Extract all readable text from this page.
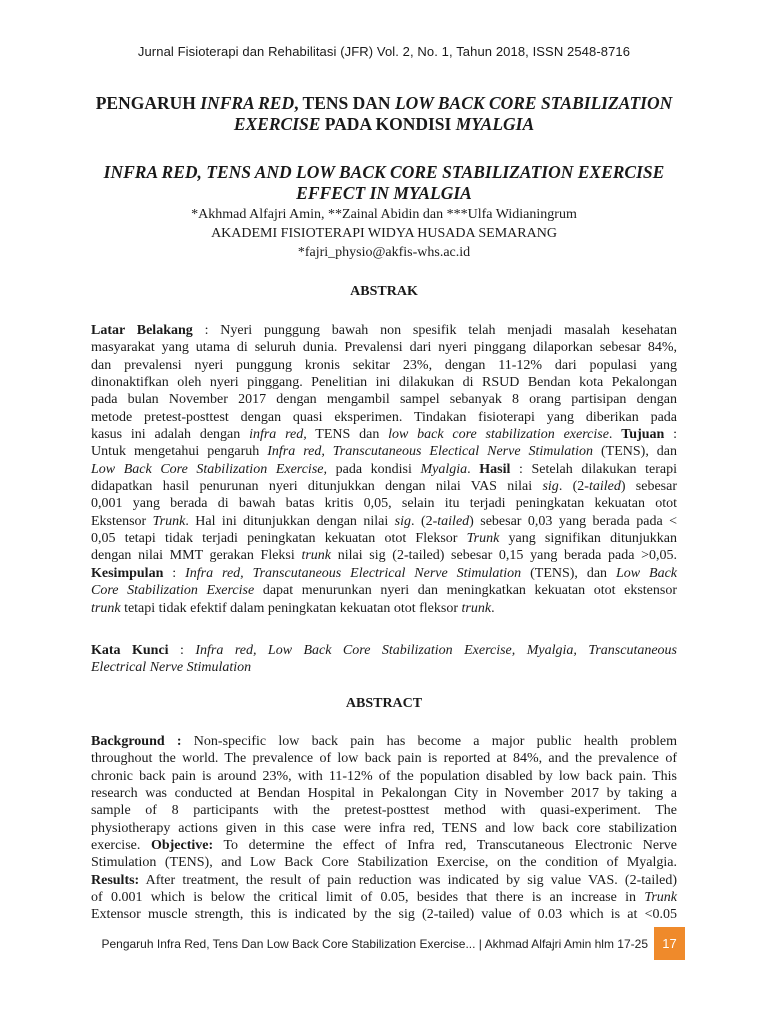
Jurnal Fisioterapi dan Rehabilitasi (JFR) Vol. 2, No. 1, Tahun 2018, ISSN 2548-8716
PENGARUH INFRA RED, TENS DAN LOW BACK CORE STABILIZATION
EXERCISE PADA KONDISI MYALGIA
INFRA RED, TENS AND LOW BACK CORE STABILIZATION EXERCISE
EFFECT IN MYALGIA
*Akhmad Alfajri Amin, **Zainal Abidin dan ***Ulfa Widianingrum
AKADEMI FISIOTERAPI WIDYA HUSADA SEMARANG
*fajri_physio@akfis-whs.ac.id
ABSTRAK
Latar Belakang : Nyeri punggung bawah non spesifik telah menjadi masalah kesehatan
masyarakat yang utama di seluruh dunia. Prevalensi dari nyeri pinggang dilaporkan sebesar 84%,
dan prevalensi nyeri punggung kronis sekitar 23%, dengan 11-12% dari populasi yang
dinonaktifkan oleh nyeri pinggang. Penelitian ini dilakukan di RSUD Bendan kota Pekalongan
pada bulan November 2017 dengan mengambil sampel sebanyak 8 orang partisipan dengan
metode pretest-posttest dengan quasi eksperimen. Tindakan fisioterapi yang diberikan pada
kasus ini adalah dengan infra red, TENS dan low back core stabilization exercise. Tujuan :
Untuk mengetahui pengaruh Infra red, Transcutaneous Electical Nerve Stimulation (TENS), dan
Low Back Core Stabilization Exercise, pada kondisi Myalgia. Hasil : Setelah dilakukan terapi
didapatkan hasil penurunan nyeri ditunjukkan dengan nilai VAS nilai sig. (2-tailed) sebesar
0,001 yang berada di bawah batas kritis 0,05, selain itu terjadi peningkatan kekuatan otot
Ekstensor Trunk. Hal ini ditunjukkan dengan nilai sig. (2-tailed) sebesar 0,03 yang berada pada <
0,05 tetapi tidak terjadi peningkatan kekuatan otot Fleksor Trunk yang signifikan ditunjukkan
dengan nilai MMT gerakan Fleksi trunk nilai sig (2-tailed) sebesar 0,15 yang berada pada >0,05.
Kesimpulan : Infra red, Transcutaneous Electrical Nerve Stimulation (TENS), dan Low Back
Core Stabilization Exercise dapat menurunkan nyeri dan meningkatkan kekuatan otot ekstensor
trunk tetapi tidak efektif dalam peningkatan kekuatan otot fleksor trunk.
Kata Kunci : Infra red, Low Back Core Stabilization Exercise, Myalgia, Transcutaneous
Electrical Nerve Stimulation
ABSTRACT
Background : Non-specific low back pain has become a major public health problem
throughout the world. The prevalence of low back pain is reported at 84%, and the prevalence of
chronic back pain is around 23%, with 11-12% of the population disabled by low back pain. This
research was conducted at Bendan Hospital in Pekalongan City in November 2017 by taking a
sample of 8 participants with the pretest-posttest method with quasi-experiment. The
physiotherapy actions given in this case were infra red, TENS and low back core stabilization
exercise. Objective: To determine the effect of Infra red, Transcutaneous Electronic Nerve
Stimulation (TENS), and Low Back Core Stabilization Exercise, on the condition of Myalgia.
Results: After treatment, the result of pain reduction was indicated by sig value VAS. (2-tailed)
of 0.001 which is below the critical limit of 0.05, besides that there is an increase in Trunk
Extensor muscle strength, this is indicated by the sig (2-tailed) value of 0.03 which is at <0.05
Pengaruh Infra Red, Tens Dan Low Back Core Stabilization Exercise... | Akhmad Alfajri Amin hlm 17-25	17
